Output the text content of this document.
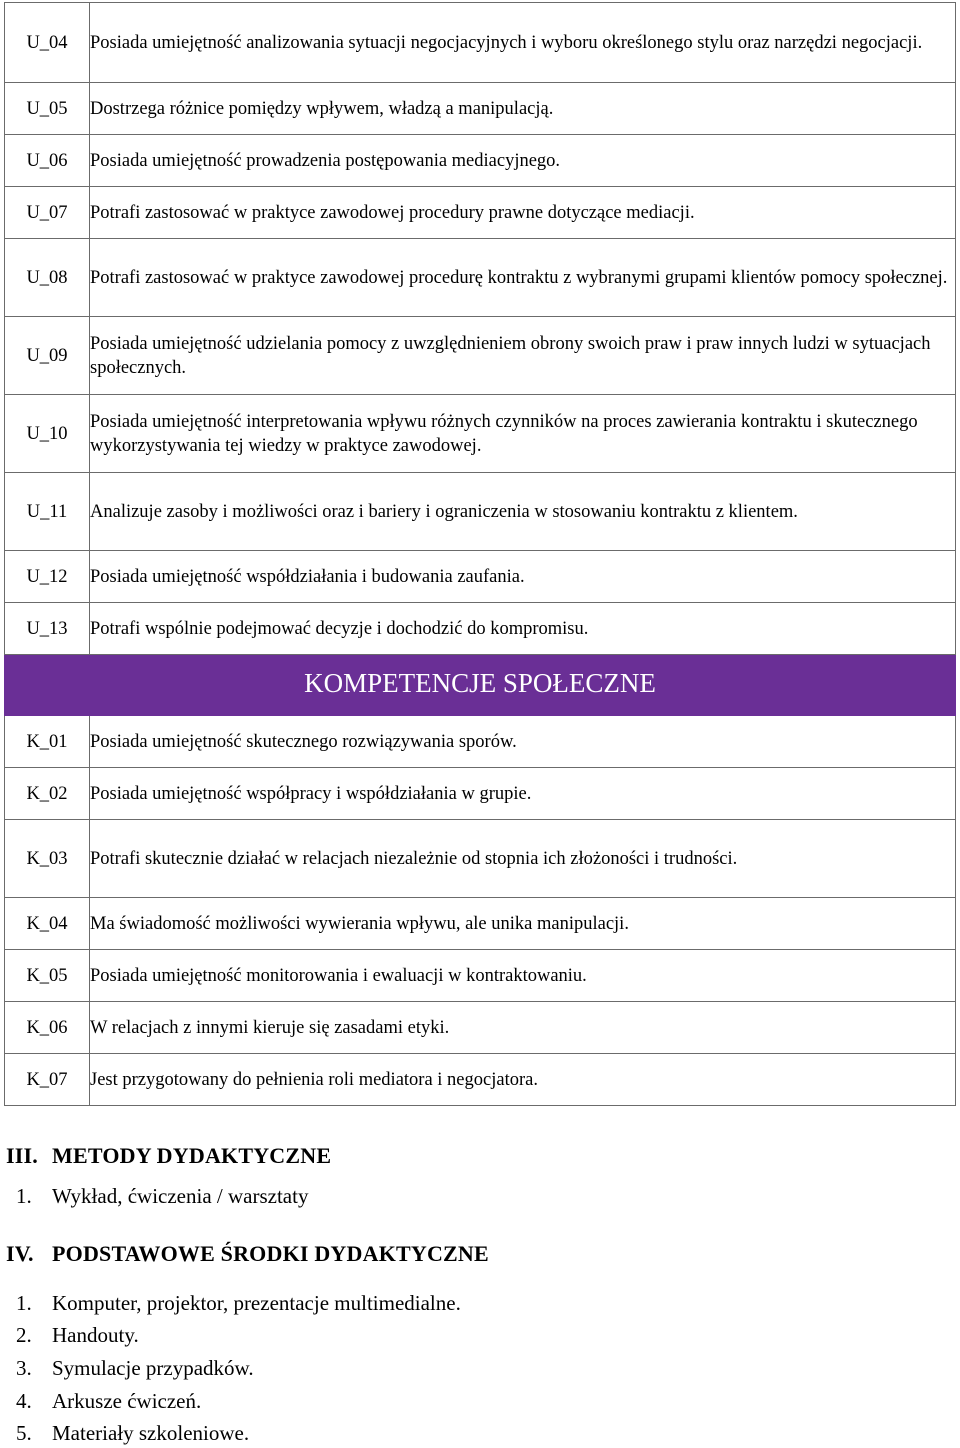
U_04	Posiada umiejętność analizowania sytuacji negocjacyjnych i wyboru określonego stylu oraz narzędzi negocjacji.
U_05	Dostrzega różnice pomiędzy wpływem, władzą a manipulacją.
U_06	Posiada umiejętność prowadzenia postępowania mediacyjnego.
U_07	Potrafi zastosować w praktyce zawodowej procedury prawne dotyczące mediacji.
U_08	Potrafi zastosować w praktyce zawodowej procedurę kontraktu z wybranymi grupami klientów pomocy społecznej.
U_09	Posiada umiejętność udzielania pomocy z uwzględnieniem obrony swoich praw i praw innych ludzi w sytuacjach społecznych.
U_10	Posiada umiejętność interpretowania wpływu różnych czynników na proces zawierania kontraktu i skutecznego wykorzystywania tej wiedzy w praktyce zawodowej.
U_11	Analizuje zasoby i możliwości oraz i bariery i ograniczenia w stosowaniu kontraktu z klientem.
U_12	Posiada umiejętność współdziałania i budowania zaufania.
U_13	Potrafi wspólnie podejmować decyzje i dochodzić do kompromisu.
KOMPETENCJE SPOŁECZNE	
K_01	Posiada umiejętność skutecznego rozwiązywania sporów.
K_02	Posiada umiejętność współpracy i współdziałania w grupie.
K_03	Potrafi skutecznie działać w relacjach niezależnie od stopnia ich złożoności i trudności.
K_04	Ma świadomość możliwości wywierania wpływu, ale unika manipulacji.
K_05	Posiada umiejętność monitorowania i ewaluacji w kontraktowaniu.
K_06	W relacjach z innymi kieruje się zasadami etyki.
K_07	Jest przygotowany do pełnienia roli mediatora i negocjatora.
III. METODY DYDAKTYCZNE
1. Wykład, ćwiczenia / warsztaty
IV. PODSTAWOWE ŚRODKI DYDAKTYCZNE
1. Komputer, projektor, prezentacje multimedialne.
2. Handouty.
3. Symulacje przypadków.
4. Arkusze ćwiczeń.
5. Materiały szkoleniowe.
